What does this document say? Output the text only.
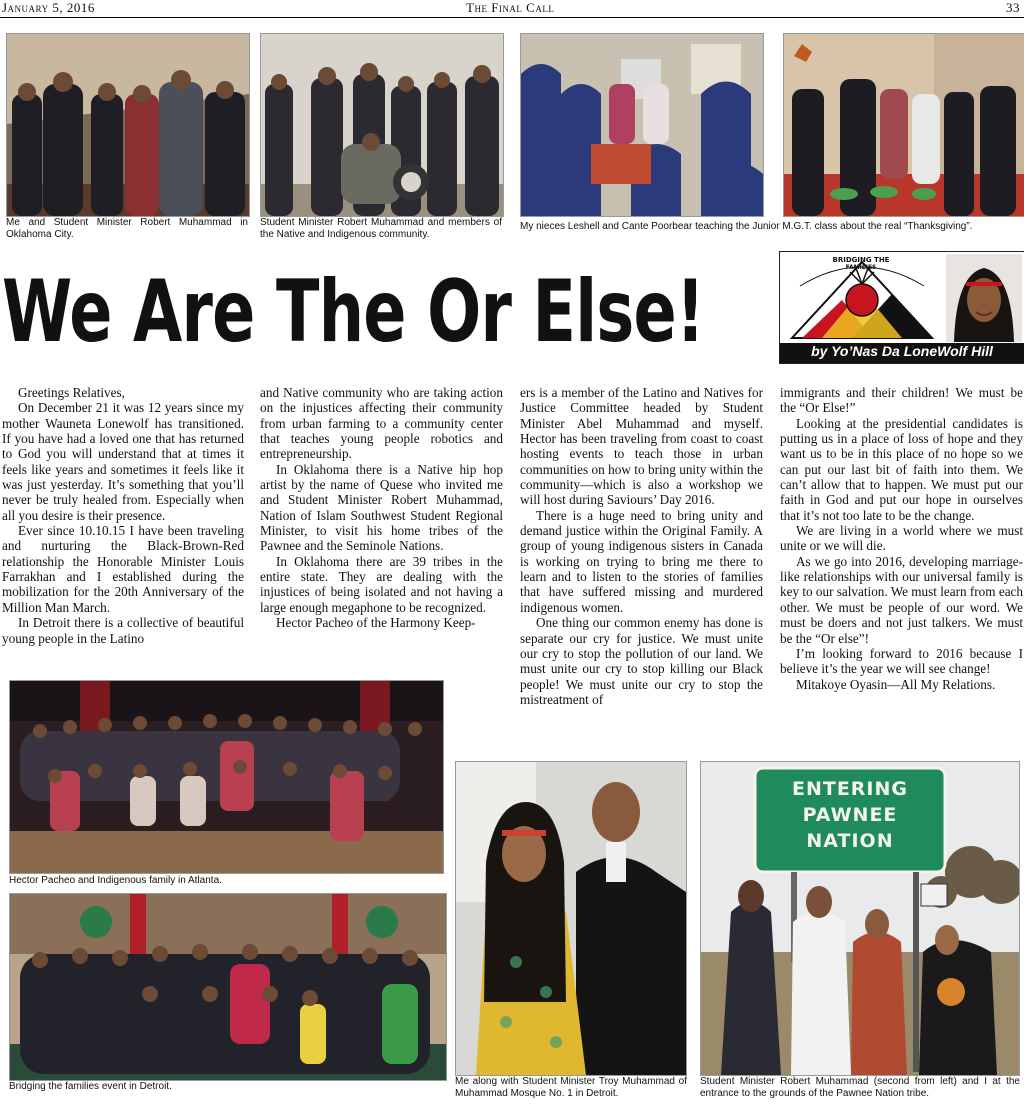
January 5, 2016	The Final Call	33
Me and Student Minister Robert Muhammad in Oklahoma City.
Student Minister Robert Muhammad and members of the Native and Indigenous community.
My nieces Leshell and Cante Poorbear teaching the Junior M.G.T. class about the real “Thanksgiving”.
We Are The Or Else!
BRIDGING THE
FAMILIES
by Yo’Nas Da LoneWolf Hill

Greetings Relatives,

On December 21 it was 12 years since my mother Wauneta Lonewolf has transitioned. If you have had a loved one that has returned to God you will understand that at times it feels like years and sometimes it feels like it was just yesterday. It’s something that you’ll never be truly healed from. Especially when all you desire is their presence.

Ever since 10.10.15 I have been traveling and nurturing the Black-Brown-Red relationship the Honorable Minister Louis Farrakhan and I established during the mobilization for the 20th Anniversary of the Million Man March.

In Detroit there is a collective of beautiful young people in the Latino

and Native community who are taking action on the injustices affecting their community from urban farming to a community center that teaches young people robotics and entrepreneurship.

In Oklahoma there is a Native hip hop artist by the name of Quese who invited me and Student Minister Robert Muhammad, Nation of Islam Southwest Student Regional Minister, to visit his home tribes of the Pawnee and the Seminole Nations.

In Oklahoma there are 39 tribes in the entire state. They are dealing with the injustices of being isolated and not having a large enough megaphone to be recognized.

Hector Pacheo of the Harmony Keep-

ers is a member of the Latino and Natives for Justice Committee headed by Student Minister Abel Muhammad and myself. Hector has been traveling from coast to coast hosting events to teach those in urban communities on how to bring unity within the community—which is also a workshop we will host during Saviours’ Day 2016.

There is a huge need to bring unity and demand justice within the Original Family. A group of young indigenous sisters in Canada is working on trying to bring me there to learn and to listen to the stories of families that have suffered missing and murdered indigenous women.

One thing our common enemy has done is separate our cry for justice. We must unite our cry to stop the pollution of our land. We must unite our cry to stop killing our Black people! We must unite our cry to stop the mistreatment of

immigrants and their children! We must be the “Or Else!”

Looking at the presidential candidates is putting us in a place of loss of hope and they want us to be in this place of no hope so we can put our last bit of faith into them. We can’t allow that to happen. We must put our faith in God and put our hope in ourselves that it’s not too late to be the change.

We are living in a world where we must unite or we will die.

As we go into 2016, developing marriage-like relationships with our universal family is key to our salvation. We must learn from each other. We must be people of our word. We must be doers and not just talkers. We must be the “Or else”!

I’m looking forward to 2016 because I believe it’s the year we will see change!

Mitakoye Oyasin—All My Relations.

Hector Pacheo and Indigenous family in Atlanta.
Bridging the families event in Detroit.	Me along with Student Minister Troy Muhammad of Muhammad Mosque No. 1 in Detroit.
ENTERING
PAWNEE
NATION
Student Minister Robert Muhammad (second from left) and I at the entrance to the grounds of the Pawnee Nation tribe.
